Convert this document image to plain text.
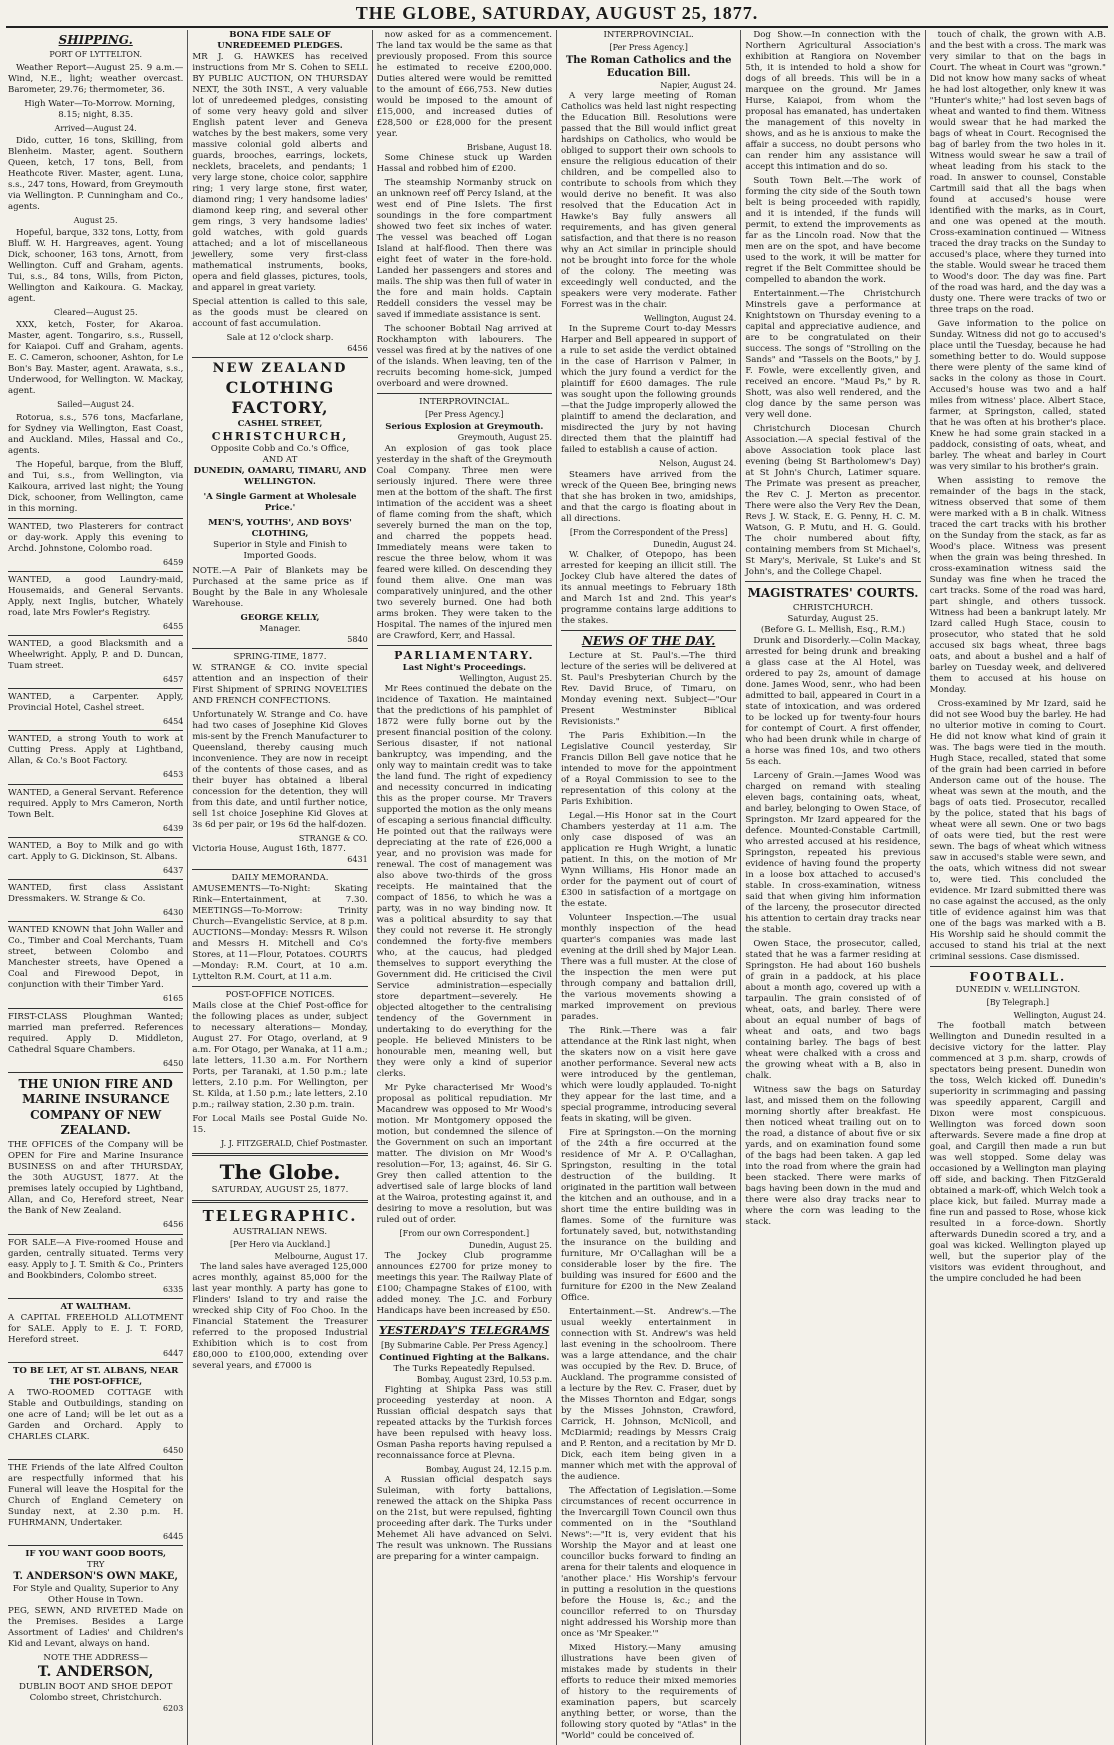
THE GLOBE, SATURDAY, AUGUST 25, 1877.
SHIPPING.
PORT OF LYTTELTON.

Weather Report—August 25. 9 a.m.—Wind, N.E., light; weather overcast. Barometer, 29.76; thermometer, 36.

High Water—To-Morrow. Morning, 8.15; night, 8.35.

Arrived—August 24.

Dido, cutter, 16 tons, Skilling, from Blenheim. Master, agent. Southern Queen, ketch, 17 tons, Bell, from Heathcote River. Master, agent. Luna, s.s., 247 tons, Howard, from Greymouth via Wellington. P. Cunningham and Co., agents.

August 25.

Hopeful, barque, 332 tons, Lotty, from Bluff. W. H. Hargreaves, agent. Young Dick, schooner, 163 tons, Arnott, from Wellington. Cuff and Graham, agents. Tui, s.s., 84 tons, Wills, from Picton, Wellington and Kaikoura. G. Mackay, agent.

Cleared—August 25.

XXX, ketch, Foster, for Akaroa. Master, agent. Tongariro, s.s., Russell, for Kaiapoi. Cuff and Graham, agents. E. C. Cameron, schooner, Ashton, for Le Bon's Bay. Master, agent. Arawata, s.s., Underwood, for Wellington. W. Mackay, agent.

Sailed—August 24.

Rotorua, s.s., 576 tons, Macfarlane, for Sydney via Wellington, East Coast, and Auckland. Miles, Hassal and Co., agents.

The Hopeful, barque, from the Bluff, and Tui, s.s., from Wellington, via Kaikoura, arrived last night; the Young Dick, schooner, from Wellington, came in this morning.

WANTED, two Plasterers for contract or day-work. Apply this evening to Archd. Johnstone, Colombo road.

6459

WANTED, a good Laundry-maid, Housemaids, and General Servants. Apply, next Inglis, butcher, Whately road, late Mrs Fowler's Registry.

6455

WANTED, a good Blacksmith and a Wheelwright. Apply, P. and D. Duncan, Tuam street.

6457

WANTED, a Carpenter. Apply, Provincial Hotel, Cashel street.

6454

WANTED, a strong Youth to work at Cutting Press. Apply at Lightband, Allan, & Co.'s Boot Factory.

6453

WANTED, a General Servant. Reference required. Apply to Mrs Cameron, North Town Belt.

6439

WANTED, a Boy to Milk and go with cart. Apply to G. Dickinson, St. Albans.

6437

WANTED, first class Assistant Dressmakers. W. Strange & Co.

6430

WANTED KNOWN that John Waller and Co., Timber and Coal Merchants, Tuam street, between Colombo and Manchester streets, have Opened a Coal and Firewood Depot, in conjunction with their Timber Yard.

6165

FIRST-CLASS Ploughman Wanted; married man preferred. References required. Apply D. Middleton, Cathedral Square Chambers.

6450
THE UNION FIRE AND MARINE INSURANCE COMPANY OF NEW ZEALAND.

THE OFFICES of the Company will be OPEN for Fire and Marine Insurance BUSINESS on and after THURSDAY, the 30th AUGUST, 1877. At the premises lately occupied by Lightband, Allan, and Co, Hereford street, Near the Bank of New Zealand.

6456

FOR SALE—A Five-roomed House and garden, centrally situated. Terms very easy. Apply to J. T. Smith & Co., Printers and Bookbinders, Colombo street.

6335
AT WALTHAM.

A CAPITAL FREEHOLD ALLOTMENT for SALE. Apply to E. J. T. FORD, Hereford street.

6447
TO BE LET, AT ST. ALBANS, NEAR THE POST-OFFICE,

A TWO-ROOMED COTTAGE with Stable and Outbuildings, standing on one acre of Land; will be let out as a Garden and Orchard. Apply to CHARLES CLARK.

6450

THE Friends of the late Alfred Coulton are respectfully informed that his Funeral will leave the Hospital for the Church of England Cemetery on Sunday next, at 2.30 p.m. H. FUHRMANN, Undertaker.

6445
IF YOU WANT GOOD BOOTS,
TRY
T. ANDERSON'S OWN MAKE,
For Style and Quality, Superior to Any Other House in Town.

PEG, SEWN, AND RIVETED Made on the Premises. Besides a Large Assortment of Ladies' and Children's Kid and Levant, always on hand.

NOTE THE ADDRESS—
T. ANDERSON,
DUBLIN BOOT AND SHOE DEPOT
Colombo street, Christchurch.
6203
BONA FIDE SALE OF UNREDEEMED PLEDGES.

MR J. G. HAWKES has received instructions from Mr S. Cohen to SELL BY PUBLIC AUCTION, ON THURSDAY NEXT, the 30th INST., A very valuable lot of unredeemed pledges, consisting of some very heavy gold and silver English patent lever and Geneva watches by the best makers, some very massive colonial gold alberts and guards, brooches, earrings, lockets, necklets, bracelets, and pendants; 1 very large stone, choice color, sapphire ring; 1 very large stone, first water, diamond ring; 1 very handsome ladies' diamond keep ring, and several other gem rings, 3 very handsome ladies' gold watches, with gold guards attached; and a lot of miscellaneous jewellery, some very first-class mathematical instruments, books, opera and field glasses, pictures, tools, and apparel in great variety.

Special attention is called to this sale, as the goods must be cleared on account of fast accumulation.

Sale at 12 o'clock sharp.
6456
NEW ZEALAND
CLOTHING FACTORY,
CASHEL STREET,
CHRISTCHURCH,
Opposite Cobb and Co.'s Office,
AND AT
DUNEDIN, OAMARU, TIMARU, AND WELLINGTON.
'A Single Garment at Wholesale Price.'
MEN'S, YOUTHS', AND BOYS' CLOTHING,
Superior in Style and Finish to Imported Goods.

NOTE.—A Pair of Blankets may be Purchased at the same price as if Bought by the Bale in any Wholesale Warehouse.

GEORGE KELLY,
Manager.
5840
SPRING-TIME, 1877.

W. STRANGE & CO. invite special attention and an inspection of their First Shipment of SPRING NOVELTIES AND FRENCH CONFECTIONS.

Unfortunately W. Strange and Co. have had two cases of Josephine Kid Gloves mis-sent by the French Manufacturer to Queensland, thereby causing much inconvenience. They are now in receipt of the contents of those cases, and as their buyer has obtained a liberal concession for the detention, they will from this date, and until further notice, sell 1st choice Josephine Kid Gloves at 3s 6d per pair, or 19s 6d the half-dozen.

STRANGE & CO.
Victoria House, August 16th, 1877.
6431
DAILY MEMORANDA.

AMUSEMENTS—To-Night: Skating Rink—Entertainment, at 7.30. MEETINGS—To-Morrow: Trinity Church—Evangelistic Service, at 8 p.m. AUCTIONS—Monday: Messrs R. Wilson and Messrs H. Mitchell and Co's Stores, at 11—Flour, Potatoes. COURTS—Monday: R.M. Court, at 10 a.m. Lyttelton R.M. Court, at 11 a.m.

POST-OFFICE NOTICES.

Mails close at the Chief Post-office for the following places as under, subject to necessary alterations— Monday, August 27. For Otago, overland, at 9 a.m. For Otago, per Wanaka, at 11 a.m.; late letters, 11.30 a.m. For Northern Ports, per Taranaki, at 1.50 p.m.; late letters, 2.10 p.m. For Wellington, per St. Kilda, at 1.50 p.m.; late letters, 2.10 p.m.; railway station, 2.30 p.m. train.

For Local Mails see Postal Guide No. 15.

J. J. FITZGERALD, Chief Postmaster.
The Globe.
SATURDAY, AUGUST 25, 1877.
TELEGRAPHIC.
AUSTRALIAN NEWS.
[Per Hero via Auckland.]
Melbourne, August 17.

The land sales have averaged 125,000 acres monthly, against 85,000 for the last year monthly. A party has gone to Flinders' Island to try and raise the wrecked ship City of Foo Choo. In the Financial Statement the Treasurer referred to the proposed Industrial Exhibition which is to cost from £80,000 to £100,000, extending over several years, and £7000 is

now asked for as a commencement. The land tax would be the same as that previously proposed. From this source he estimated to receive £200,000. Duties altered were would be remitted to the amount of £66,753. New duties would be imposed to the amount of £15,000, and increased duties of £28,500 or £28,000 for the present year.

Brisbane, August 18.

Some Chinese stuck up Warden Hassal and robbed him of £200.

The steamship Normanby struck on an unknown reef off Percy Island, at the west end of Pine Islets. The first soundings in the fore compartment showed two feet six inches of water. The vessel was beached off Logan Island at half-flood. Then there was eight feet of water in the fore-hold. Landed her passengers and stores and mails. The ship was then full of water in the fore and main holds. Captain Reddell considers the vessel may be saved if immediate assistance is sent.

The schooner Bobtail Nag arrived at Rockhampton with labourers. The vessel was fired at by the natives of one of the islands. When leaving, ten of the recruits becoming home-sick, jumped overboard and were drowned.

INTERPROVINCIAL.
[Per Press Agency.]
Serious Explosion at Greymouth.
Greymouth, August 25.

An explosion of gas took place yesterday in the shaft of the Greymouth Coal Company. Three men were seriously injured. There were three men at the bottom of the shaft. The first intimation of the accident was a sheet of flame coming from the shaft, which severely burned the man on the top, and charred the poppets head. Immediately means were taken to rescue the three below, whom it was feared were killed. On descending they found them alive. One man was comparatively uninjured, and the other two severely burned. One had both arms broken. They were taken to the Hospital. The names of the injured men are Crawford, Kerr, and Hassal.

PARLIAMENTARY.
Last Night's Proceedings.
Wellington, August 25.

Mr Rees continued the debate on the incidence of Taxation. He maintained that the predictions of his pamphlet of 1872 were fully borne out by the present financial position of the colony. Serious disaster, if not national bankruptcy, was impending, and the only way to maintain credit was to take the land fund. The right of expediency and necessity concurred in indicating this as the proper course. Mr Travers supported the motion as the only means of escaping a serious financial difficulty. He pointed out that the railways were depreciating at the rate of £26,000 a year, and no provision was made for renewal. The cost of management was also above two-thirds of the gross receipts. He maintained that the compact of 1856, to which he was a party, was in no way binding now. It was a political absurdity to say that they could not reverse it. He strongly condemned the forty-five members who, at the caucus, had pledged themselves to support everything the Government did. He criticised the Civil Service administration—especially store department—severely. He objected altogether to the centralising tendency of the Government in undertaking to do everything for the people. He believed Ministers to be honourable men, meaning well, but they were only a kind of superior clerks.

Mr Pyke characterised Mr Wood's proposal as political repudiation. Mr Macandrew was opposed to Mr Wood's motion. Mr Montgomery opposed the motion, but condemned the silence of the Government on such an important matter. The division on Mr Wood's resolution—For, 13; against, 46. Sir G. Grey then called attention to the advertised sale of large blocks of land at the Wairoa, protesting against it, and desiring to move a resolution, but was ruled out of order.

[From our own Correspondent.]
Dunedin, August 25.

The Jockey Club programme announces £2700 for prize money to meetings this year. The Railway Plate of £100; Champagne Stakes of £100, with added money. The J.C. and Forbury Handicaps have been increased by £50.

YESTERDAY'S TELEGRAMS
[By Submarine Cable. Per Press Agency.]
Continued Fighting at the Balkans.
The Turks Repeatedly Repulsed.
Bombay, August 23rd, 10.53 p.m.

Fighting at Shipka Pass was still proceeding yesterday at noon. A Russian official despatch says that repeated attacks by the Turkish forces have been repulsed with heavy loss. Osman Pasha reports having repulsed a reconnaissance force at Plevna.

Bombay, August 24, 12.15 p.m.

A Russian official despatch says Suleiman, with forty battalions, renewed the attack on the Shipka Pass on the 21st, but were repulsed, fighting proceeding after dark. The Turks under Mehemet Ali have advanced on Selvi. The result was unknown. The Russians are preparing for a winter campaign.

INTERPROVINCIAL.
[Per Press Agency.]
The Roman Catholics and the Education Bill.
Napier, August 24.

A very large meeting of Roman Catholics was held last night respecting the Education Bill. Resolutions were passed that the Bill would inflict great hardships on Catholics, who would be obliged to support their own schools to ensure the religious education of their children, and be compelled also to contribute to schools from which they would derive no benefit. It was also resolved that the Education Act in Hawke's Bay fully answers all requirements, and has given general satisfaction, and that there is no reason why an Act similar in principle should not be brought into force for the whole of the colony. The meeting was exceedingly well conducted, and the speakers were very moderate. Father Forrest was in the chair.

Wellington, August 24.

In the Supreme Court to-day Messrs Harper and Bell appeared in support of a rule to set aside the verdict obtained in the case of Harrison v Palmer, in which the jury found a verdict for the plaintiff for £600 damages. The rule was sought upon the following grounds—that the Judge improperly allowed the plaintiff to amend the declaration, and misdirected the jury by not having directed them that the plaintiff had failed to establish a cause of action.

Nelson, August 24.

Steamers have arrived from the wreck of the Queen Bee, bringing news that she has broken in two, amidships, and that the cargo is floating about in all directions.

[From the Correspondent of the Press]
Dunedin, August 24.

W. Chalker, of Otepopo, has been arrested for keeping an illicit still. The Jockey Club have altered the dates of its annual meetings to February 18th and March 1st and 2nd. This year's programme contains large additions to the stakes.

NEWS OF THE DAY.

Lecture at St. Paul's.—The third lecture of the series will be delivered at St. Paul's Presbyterian Church by the Rev. David Bruce, of Timaru, on Monday evening next. Subject—"Our Present Westminster Biblical Revisionists."

The Paris Exhibition.—In the Legislative Council yesterday, Sir Francis Dillon Bell gave notice that he intended to move for the appointment of a Royal Commission to see to the representation of this colony at the Paris Exhibition.

Legal.—His Honor sat in the Court Chambers yesterday at 11 a.m. The only case disposed of was an application re Hugh Wright, a lunatic patient. In this, on the motion of Mr Wynn Williams, His Honor made an order for the payment out of court of £300 in satisfaction of a mortgage on the estate.

Volunteer Inspection.—The usual monthly inspection of the head quarter's companies was made last evening at the drill shed by Major Lean. There was a full muster. At the close of the inspection the men were put through company and battalion drill, the various movements showing a marked improvement on previous parades.

The Rink.—There was a fair attendance at the Rink last night, when the skaters now on a visit here gave another performance. Several new acts were introduced by the gentleman, which were loudly applauded. To-night they appear for the last time, and a special programme, introducing several feats in skating, will be given.

Fire at Springston.—On the morning of the 24th a fire occurred at the residence of Mr A. P. O'Callaghan, Springston, resulting in the total destruction of the building. It originated in the partition wall between the kitchen and an outhouse, and in a short time the entire building was in flames. Some of the furniture was fortunately saved, but, notwithstanding the insurance on the building and furniture, Mr O'Callaghan will be a considerable loser by the fire. The building was insured for £600 and the furniture for £200 in the New Zealand Office.

Entertainment.—St. Andrew's.—The usual weekly entertainment in connection with St. Andrew's was held last evening in the schoolroom. There was a large attendance, and the chair was occupied by the Rev. D. Bruce, of Auckland. The programme consisted of a lecture by the Rev. C. Fraser, duet by the Misses Thornton and Edgar, songs by the Misses Johnston, Crawford, Carrick, H. Johnson, McNicoll, and McDiarmid; readings by Messrs Craig and P. Renton, and a recitation by Mr D. Dick, each item being given in a manner which met with the approval of the audience.

The Affectation of Legislation.—Some circumstances of recent occurrence in the Invercargill Town Council own thus commented on in the "Southland News":—"It is, very evident that his Worship the Mayor and at least one councillor bucks forward to finding an arena for their talents and eloquence in 'another place.' His Worship's fervour in putting a resolution in the questions before the House is, &c.; and the councillor referred to on Thursday night addressed his Worship more than once as 'Mr Speaker.'"

Mixed History.—Many amusing illustrations have been given of mistakes made by students in their efforts to reduce their mixed memories of history to the requirements of examination papers, but scarcely anything better, or worse, than the following story quoted by "Atlas" in the "World" could be conceived of.

Dog Show.—In connection with the Northern Agricultural Association's exhibition at Rangiora on November 5th, it is intended to hold a show for dogs of all breeds. This will be in a marquee on the ground. Mr James Hurse, Kaiapoi, from whom the proposal has emanated, has undertaken the management of this novelty in shows, and as he is anxious to make the affair a success, no doubt persons who can render him any assistance will accept this intimation and do so.

South Town Belt.—The work of forming the city side of the South town belt is being proceeded with rapidly, and it is intended, if the funds will permit, to extend the improvements as far as the Lincoln road. Now that the men are on the spot, and have become used to the work, it will be matter for regret if the Belt Committee should be compelled to abandon the work.

Entertainment.—The Christchurch Minstrels gave a performance at Knightstown on Thursday evening to a capital and appreciative audience, and are to be congratulated on their success. The songs of "Strolling on the Sands" and "Tassels on the Boots," by J. F. Fowle, were excellently given, and received an encore. "Maud Ps," by R. Shott, was also well rendered, and the clog dance by the same person was very well done.

Christchurch Diocesan Church Association.—A special festival of the above Association took place last evening (being St Bartholomew's Day) at St John's Church, Latimer square. The Primate was present as preacher, the Rev C. J. Merton as precentor. There were also the Very Rev the Dean, Revs J. W. Stack, E. G. Penny, H. C. M. Watson, G. P. Mutu, and H. G. Gould. The choir numbered about fifty, containing members from St Michael's, St Mary's, Merivale, St Luke's and St John's, and the College Chapel.

MAGISTRATES' COURTS.
CHRISTCHURCH.
Saturday, August 25.
(Before G. L. Mellish, Esq., R.M.)

Drunk and Disorderly.—Colin Mackay, arrested for being drunk and breaking a glass case at the Al Hotel, was ordered to pay 2s, amount of damage done. James Wood, senr., who had been admitted to bail, appeared in Court in a state of intoxication, and was ordered to be locked up for twenty-four hours for contempt of Court. A first offender, who had been drunk while in charge of a horse was fined 10s, and two others 5s each.

Larceny of Grain.—James Wood was charged on remand with stealing eleven bags, containing oats, wheat, and barley, belonging to Owen Stace, of Springston. Mr Izard appeared for the defence. Mounted-Constable Cartmill, who arrested accused at his residence, Springston, repeated his previous evidence of having found the property in a loose box attached to accused's stable. In cross-examination, witness said that when giving him information of the larceny, the prosecutor directed his attention to certain dray tracks near the stable.

Owen Stace, the prosecutor, called, stated that he was a farmer residing at Springston. He had about 160 bushels of grain in a paddock, at his place about a month ago, covered up with a tarpaulin. The grain consisted of of wheat, oats, and barley. There were about an equal number of bags of wheat and oats, and two bags containing barley. The bags of best wheat were chalked with a cross and the growing wheat with a B, also in chalk.

Witness saw the bags on Saturday last, and missed them on the following morning shortly after breakfast. He then noticed wheat trailing out on to the road, a distance of about five or six yards, and on examination found some of the bags had been taken. A gap led into the road from where the grain had been stacked. There were marks of bags having been down in the mud and there were also dray tracks near to where the corn was leading to the stack.

touch of chalk, the grown with A.B. and the best with a cross. The mark was very similar to that on the bags in Court. The wheat in Court was "grown." Did not know how many sacks of wheat he had lost altogether, only knew it was "Hunter's white;" had lost seven bags of wheat and wanted to find them. Witness would swear that he had marked the bags of wheat in Court. Recognised the bag of barley from the two holes in it. Witness would swear he saw a trail of wheat leading from his stack to the road. In answer to counsel, Constable Cartmill said that all the bags when found at accused's house were identified with the marks, as in Court, and one was opened at the mouth. Cross-examination continued — Witness traced the dray tracks on the Sunday to accused's place, where they turned into the stable. Would swear he traced them to Wood's door. The day was fine. Part of the road was hard, and the day was a dusty one. There were tracks of two or three traps on the road.

Gave information to the police on Sunday. Witness did not go to accused's place until the Tuesday, because he had something better to do. Would suppose there were plenty of the same kind of sacks in the colony as those in Court. Accused's house was two and a half miles from witness' place. Albert Stace, farmer, at Springston, called, stated that he was often at his brother's place. Knew he had some grain stacked in a paddock, consisting of oats, wheat, and barley. The wheat and barley in Court was very similar to his brother's grain.

When assisting to remove the remainder of the bags in the stack, witness observed that some of them were marked with a B in chalk. Witness traced the cart tracks with his brother on the Sunday from the stack, as far as Wood's place. Witness was present when the grain was being threshed. In cross-examination witness said the Sunday was fine when he traced the cart tracks. Some of the road was hard, part shingle, and others tussock. Witness had been a bankrupt lately. Mr Izard called Hugh Stace, cousin to prosecutor, who stated that he sold accused six bags wheat, three bags oats, and about a bushel and a half of barley on Tuesday week, and delivered them to accused at his house on Monday.

Cross-examined by Mr Izard, said he did not see Wood buy the barley. He had no ulterior motive in coming to Court. He did not know what kind of grain it was. The bags were tied in the mouth. Hugh Stace, recalled, stated that some of the grain had been carried in before Anderson came out of the house. The wheat was sewn at the mouth, and the bags of oats tied. Prosecutor, recalled by the police, stated that his bags of wheat were all sewn. One or two bags of oats were tied, but the rest were sewn. The bags of wheat which witness saw in accused's stable were sewn, and the oats, which witness did not swear to, were tied. This concluded the evidence. Mr Izard submitted there was no case against the accused, as the only title of evidence against him was that one of the bags was marked with a B. His Worship said he should commit the accused to stand his trial at the next criminal sessions. Case dismissed.

FOOTBALL.
DUNEDIN v. WELLINGTON.
[By Telegraph.]
Wellington, August 24.

The football match between Wellington and Dunedin resulted in a decisive victory for the latter. Play commenced at 3 p.m. sharp, crowds of spectators being present. Dunedin won the toss, Welch kicked off. Dunedin's superiority in scrimmaging and passing was speedily apparent, Cargill and Dixon were most conspicuous. Wellington was forced down soon afterwards. Severe made a fine drop at goal, and Cargill then made a run but was well stopped. Some delay was occasioned by a Wellington man playing off side, and backing. Then FitzGerald obtained a mark-off, which Welch took a place kick, but failed. Murray made a fine run and passed to Rose, whose kick resulted in a force-down. Shortly afterwards Dunedin scored a try, and a goal was kicked. Wellington played up well, but the superior play of the visitors was evident throughout, and the umpire concluded he had been
